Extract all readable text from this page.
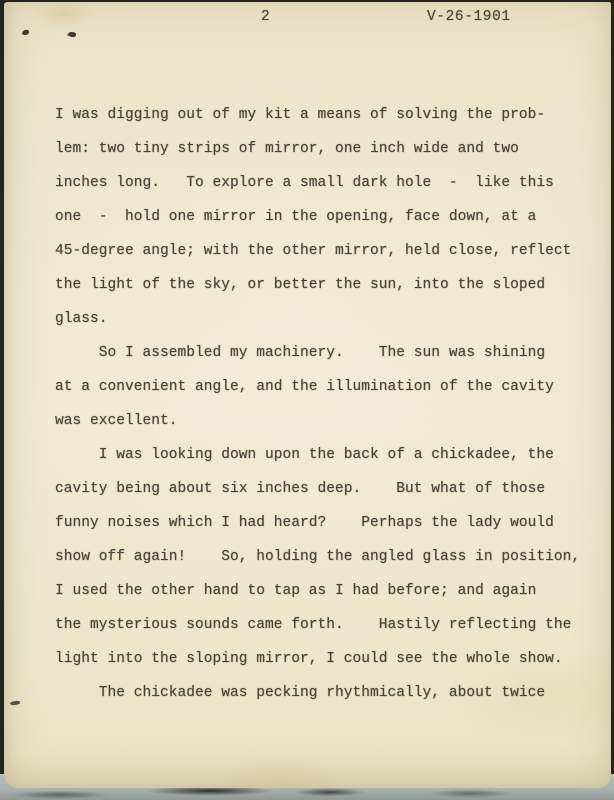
2	V-26-1901
I was digging out of my kit a means of solving the prob-
lem: two tiny strips of mirror, one inch wide and two
inches long.   To explore a small dark hole  -  like this
one  -  hold one mirror in the opening, face down, at a
45-degree angle; with the other mirror, held close, reflect
the light of the sky, or better the sun, into the sloped
glass.
So I assembled my machinery.    The sun was shining
at a convenient angle, and the illumination of the cavity
was excellent.
I was looking down upon the back of a chickadee, the
cavity being about six inches deep.    But what of those
funny noises which I had heard?    Perhaps the lady would
show off again!    So, holding the angled glass in position,
I used the other hand to tap as I had before; and again
the mysterious sounds came forth.    Hastily reflecting the
light into the sloping mirror, I could see the whole show.
The chickadee was pecking rhythmically, about twice
